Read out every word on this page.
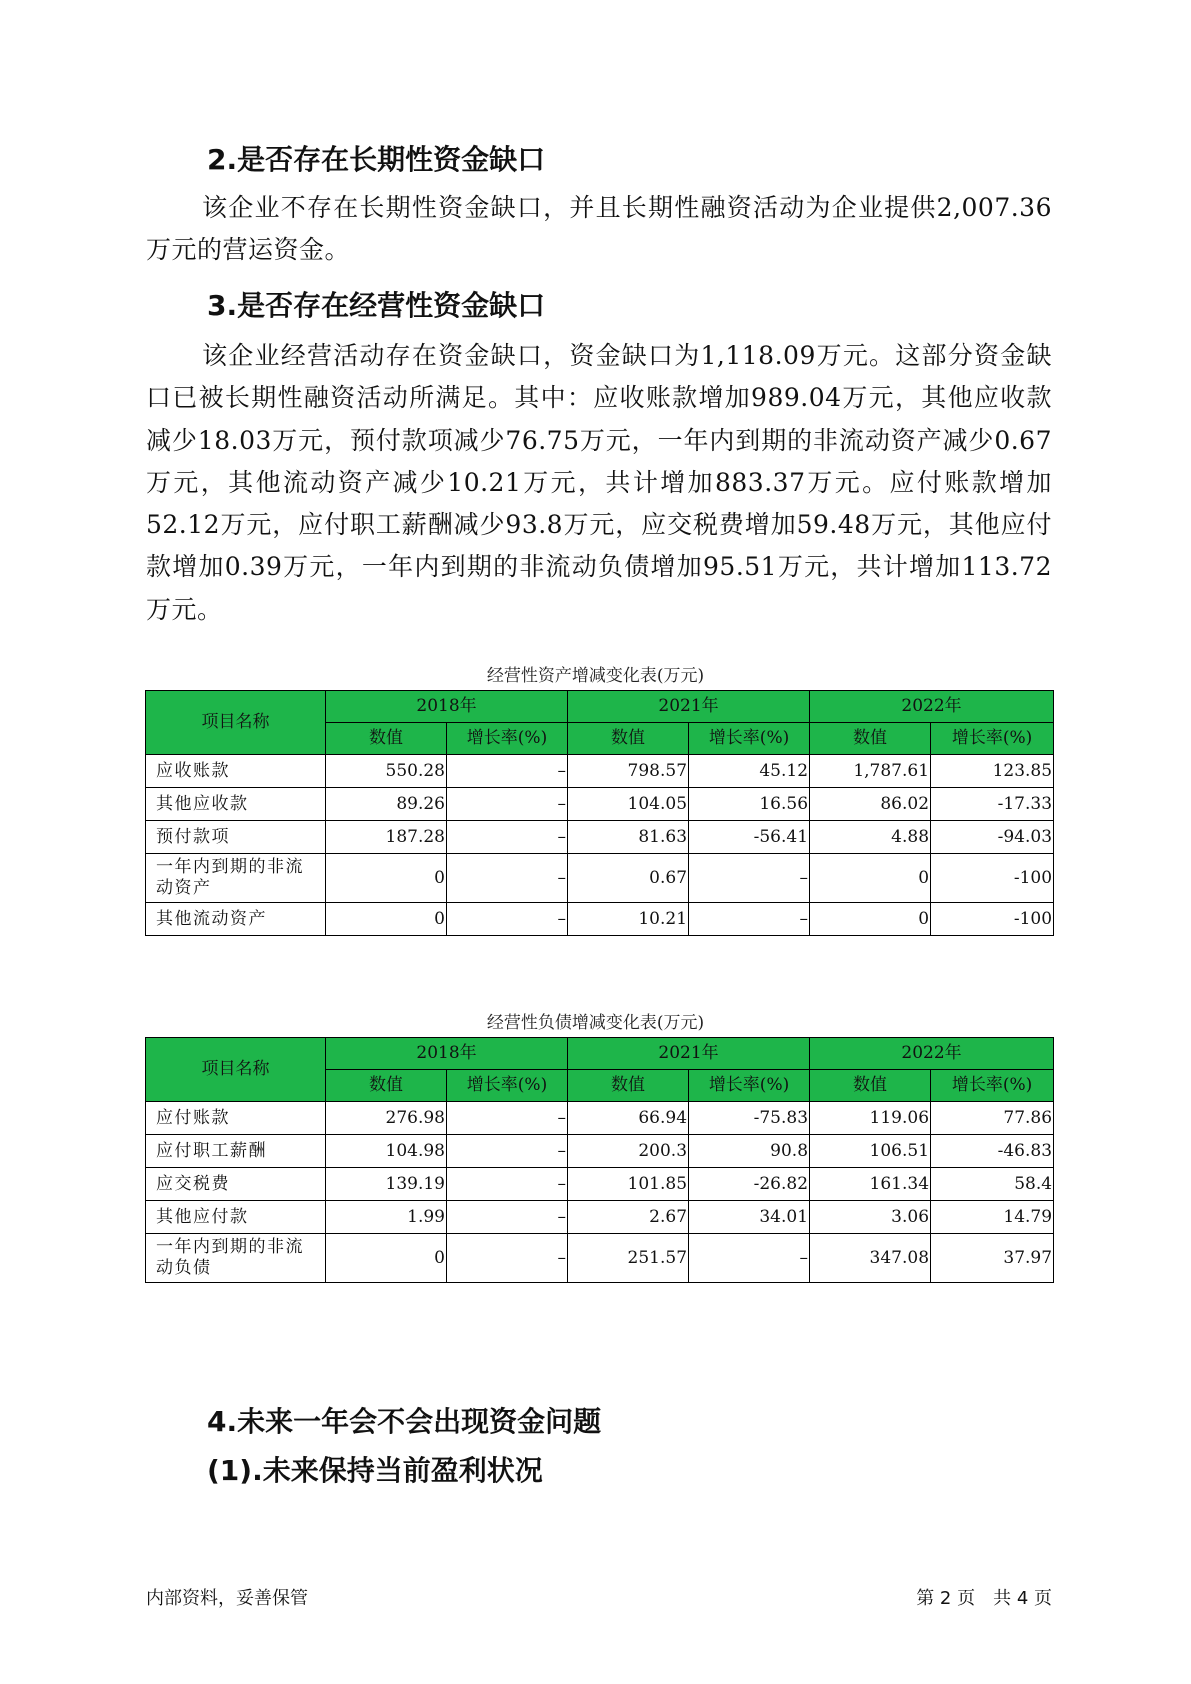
2.是否存在长期性资金缺口

该企业不存在长期性资金缺口，并且长期性融资活动为企业提供2,007.36万元的营运资金。

3.是否存在经营性资金缺口

该企业经营活动存在资金缺口，资金缺口为1,118.09万元。这部分资金缺口已被长期性融资活动所满足。其中：应收账款增加989.04万元，其他应收款减少18.03万元，预付款项减少76.75万元，一年内到期的非流动资产减少0.67万元，其他流动资产减少10.21万元，共计增加883.37万元。应付账款增加52.12万元，应付职工薪酬减少93.8万元，应交税费增加59.48万元，其他应付款增加0.39万元，一年内到期的非流动负债增加95.51万元，共计增加113.72万元。

经营性资产增减变化表(万元)
项目名称	2018年		2021年		2022年	
	数值	增长率(%)	数值	增长率(%)	数值	增长率(%)
应收账款	550.28	–	798.57	45.12	1,787.61	123.85
其他应收款	89.26	–	104.05	16.56	86.02	-17.33
预付款项	187.28	–	81.63	-56.41	4.88	-94.03
一年内到期的非流动资产	0	–	0.67	–	0	-100
其他流动资产	0	–	10.21	–	0	-100
经营性负债增减变化表(万元)
项目名称	2018年		2021年		2022年	
	数值	增长率(%)	数值	增长率(%)	数值	增长率(%)
应付账款	276.98	–	66.94	-75.83	119.06	77.86
应付职工薪酬	104.98	–	200.3	90.8	106.51	-46.83
应交税费	139.19	–	101.85	-26.82	161.34	58.4
其他应付款	1.99	–	2.67	34.01	3.06	14.79
一年内到期的非流动负债	0	–	251.57	–	347.08	37.97
4.未来一年会不会出现资金问题
(1).未来保持当前盈利状况
内部资料，妥善保管	第 2 页　共 4 页
